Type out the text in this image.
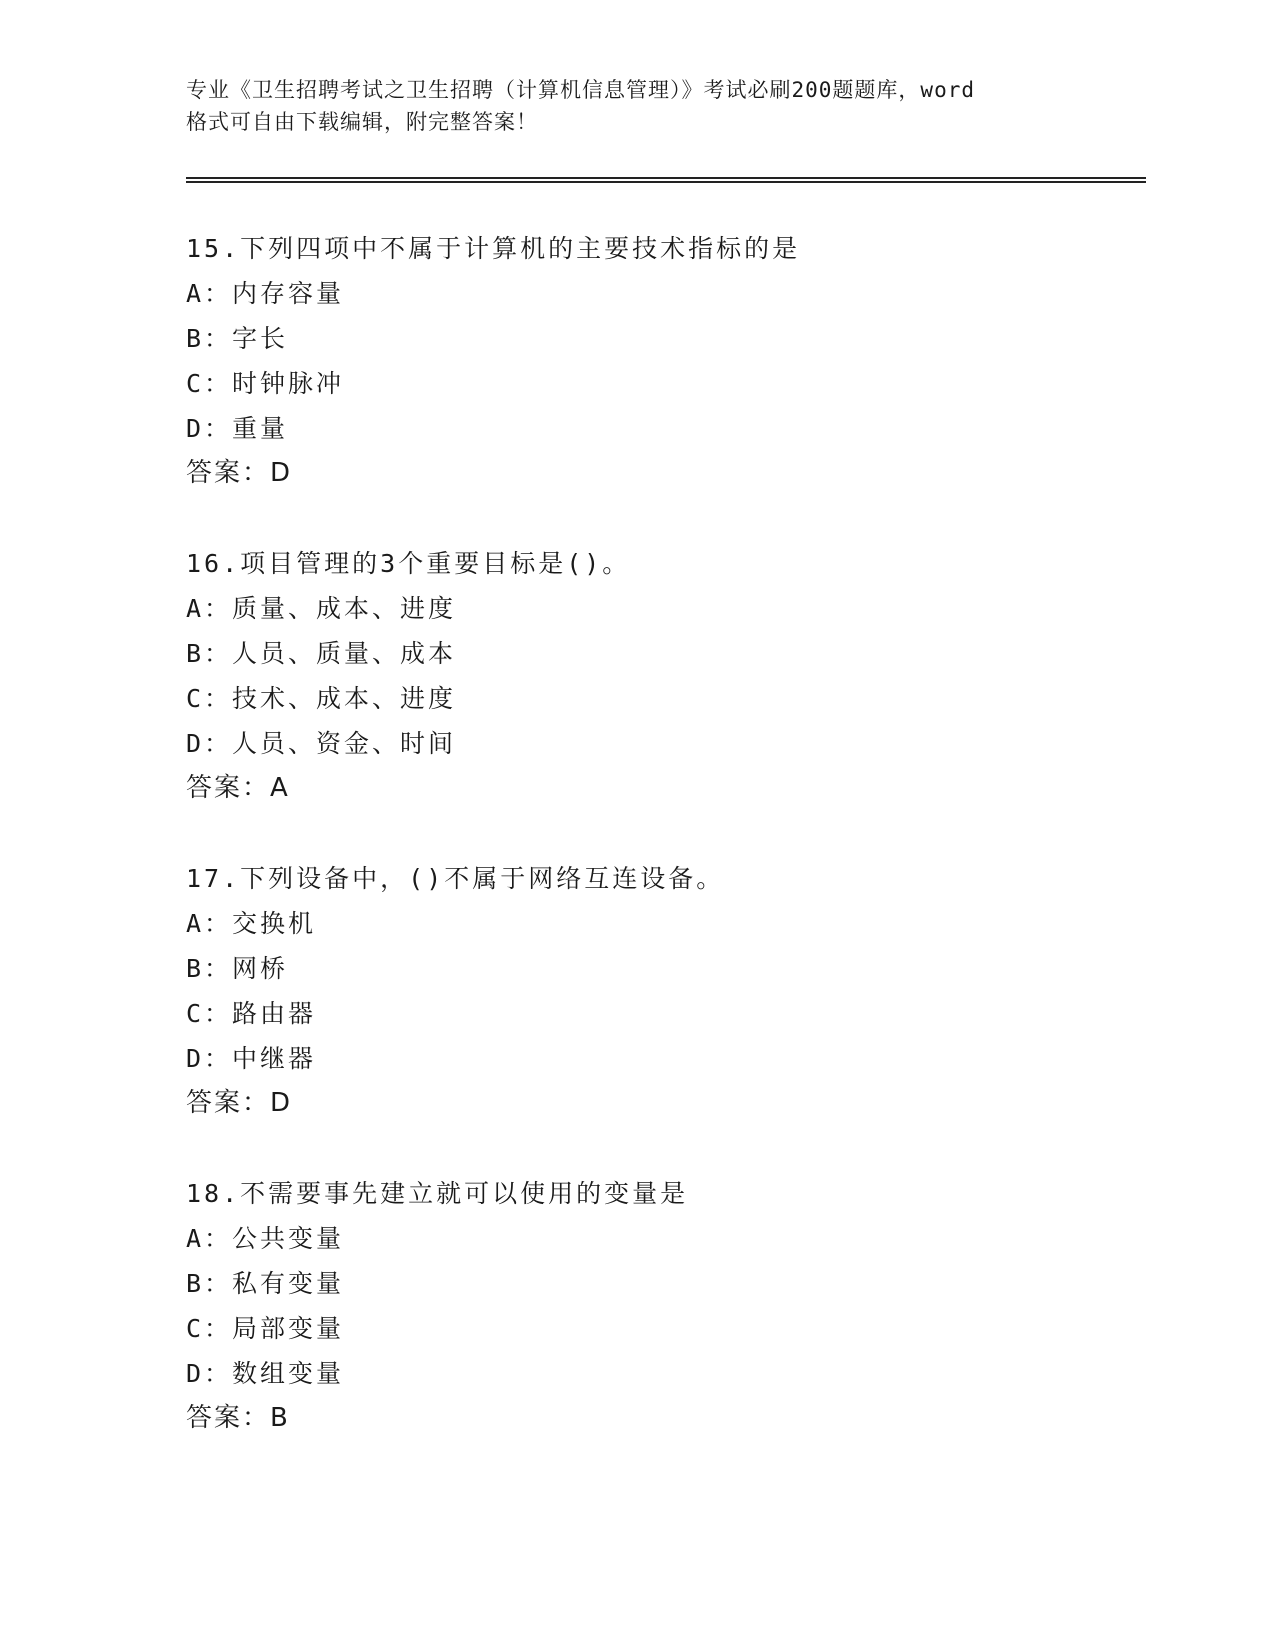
专业《卫生招聘考试之卫生招聘（计算机信息管理）》考试必刷200题题库，word
格式可自由下载编辑，附完整答案！
15.下列四项中不属于计算机的主要技术指标的是
A：内存容量
B：字长
C：时钟脉冲
D：重量
答案：D
16.项目管理的3个重要目标是()。
A：质量、成本、进度
B：人员、质量、成本
C：技术、成本、进度
D：人员、资金、时间
答案：A
17.下列设备中，()不属于网络互连设备。
A：交换机
B：网桥
C：路由器
D：中继器
答案：D
18.不需要事先建立就可以使用的变量是
A：公共变量
B：私有变量
C：局部变量
D：数组变量
答案：B
